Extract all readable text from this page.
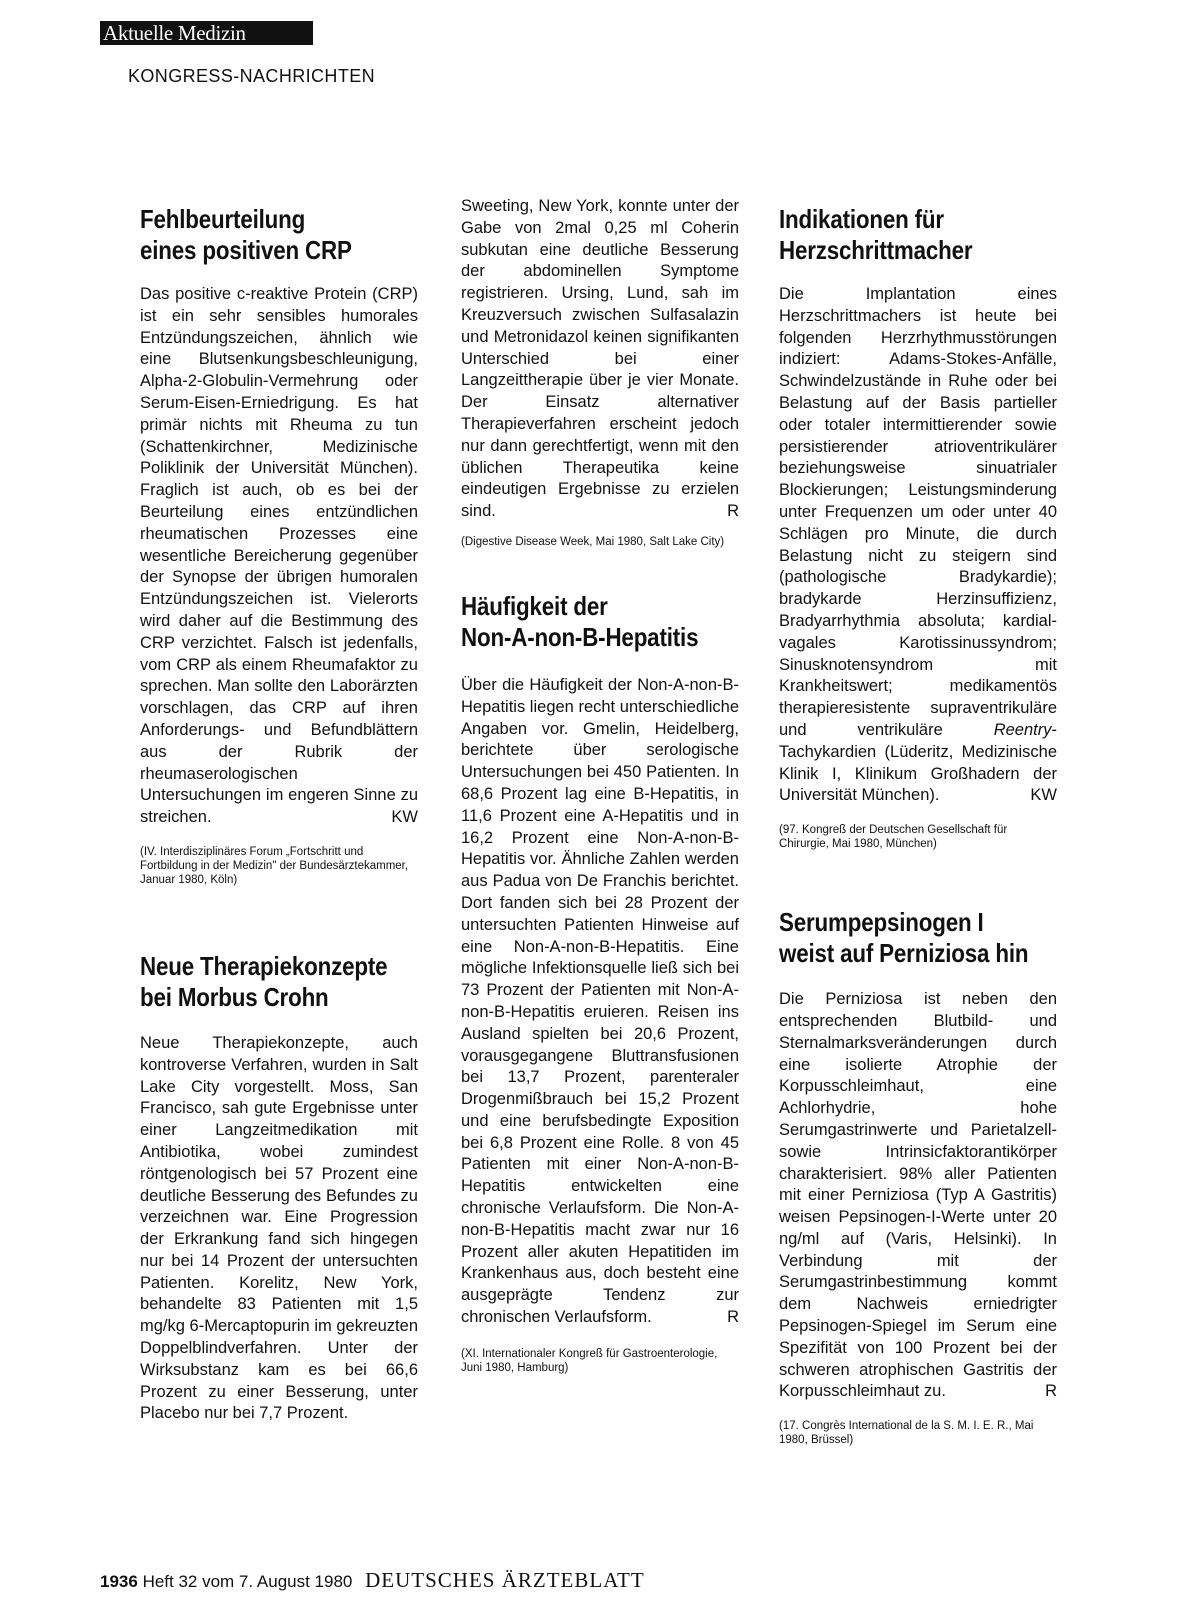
Aktuelle Medizin
KONGRESS-NACHRICHTEN
Fehlbeurteilung
eines positiven CRP

Das positive c-reaktive Protein (CRP) ist ein sehr sensibles humorales Entzündungszeichen, ähnlich wie eine Blutsenkungsbeschleunigung, Alpha-2-Globulin-Vermehrung oder Serum-Eisen-Erniedrigung. Es hat primär nichts mit Rheuma zu tun (Schattenkirchner, Medizinische Poliklinik der Universität München). Fraglich ist auch, ob es bei der Beurteilung eines entzündlichen rheumatischen Prozesses eine wesentliche Bereicherung gegenüber der Synopse der übrigen humoralen Entzündungszeichen ist. Vielerorts wird daher auf die Bestimmung des CRP verzichtet. Falsch ist jedenfalls, vom CRP als einem Rheumafaktor zu sprechen. Man sollte den Laborärzten vorschlagen, das CRP auf ihren Anforderungs- und Befundblättern aus der Rubrik der rheumaserologischen Untersuchungen im engeren Sinne zu streichen.	KW

(IV. Interdisziplinäres Forum „Fortschritt und Fortbildung in der Medizin" der Bundesärztekammer, Januar 1980, Köln)

Neue Therapiekonzepte
bei Morbus Crohn

Neue Therapiekonzepte, auch kontroverse Verfahren, wurden in Salt Lake City vorgestellt. Moss, San Francisco, sah gute Ergebnisse unter einer Langzeitmedikation mit Antibiotika, wobei zumindest röntgenologisch bei 57 Prozent eine deutliche Besserung des Befundes zu verzeichnen war. Eine Progression der Erkrankung fand sich hingegen nur bei 14 Prozent der untersuchten Patienten. Korelitz, New York, behandelte 83 Patienten mit 1,5 mg/kg 6-Mercaptopurin im gekreuzten Doppelblindverfahren. Unter der Wirksubstanz kam es bei 66,6 Prozent zu einer Besserung, unter Placebo nur bei 7,7 Prozent.

Sweeting, New York, konnte unter der Gabe von 2mal 0,25 ml Coherin subkutan eine deutliche Besserung der abdominellen Symptome registrieren. Ursing, Lund, sah im Kreuzversuch zwischen Sulfasalazin und Metronidazol keinen signifikanten Unterschied bei einer Langzeittherapie über je vier Monate. Der Einsatz alternativer Therapieverfahren erscheint jedoch nur dann gerechtfertigt, wenn mit den üblichen Therapeutika keine eindeutigen Ergebnisse zu erzielen sind.	R

(Digestive Disease Week, Mai 1980, Salt Lake City)

Häufigkeit der
Non-A-non-B-Hepatitis

Über die Häufigkeit der Non-A-non-B-Hepatitis liegen recht unterschiedliche Angaben vor. Gmelin, Heidelberg, berichtete über serologische Untersuchungen bei 450 Patienten. In 68,6 Prozent lag eine B-Hepatitis, in 11,6 Prozent eine A-Hepatitis und in 16,2 Prozent eine Non-A-non-B-Hepatitis vor. Ähnliche Zahlen werden aus Padua von De Franchis berichtet. Dort fanden sich bei 28 Prozent der untersuchten Patienten Hinweise auf eine Non-A-non-B-Hepatitis. Eine mögliche Infektionsquelle ließ sich bei 73 Prozent der Patienten mit Non-A-non-B-Hepatitis eruieren. Reisen ins Ausland spielten bei 20,6 Prozent, vorausgegangene Bluttransfusionen bei 13,7 Prozent, parenteraler Drogenmißbrauch bei 15,2 Prozent und eine berufsbedingte Exposition bei 6,8 Prozent eine Rolle. 8 von 45 Patienten mit einer Non-A-non-B-Hepatitis entwickelten eine chronische Verlaufsform. Die Non-A-non-B-Hepatitis macht zwar nur 16 Prozent aller akuten Hepatitiden im Krankenhaus aus, doch besteht eine ausgeprägte Tendenz zur chronischen Verlaufsform.	R

(XI. Internationaler Kongreß für Gastroenterologie, Juni 1980, Hamburg)

Indikationen für
Herzschrittmacher

Die Implantation eines Herzschrittmachers ist heute bei folgenden Herzrhythmusstörungen indiziert: Adams-Stokes-Anfälle, Schwindelzustände in Ruhe oder bei Belastung auf der Basis partieller oder totaler intermittierender sowie persistierender atrioventrikulärer beziehungsweise sinuatrialer Blockierungen; Leistungsminderung unter Frequenzen um oder unter 40 Schlägen pro Minute, die durch Belastung nicht zu steigern sind (pathologische Bradykardie); bradykarde Herzinsuffizienz, Bradyarrhythmia absoluta; kardial-vagales Karotissinussyndrom; Sinusknotensyndrom mit Krankheitswert; medikamentös therapieresistente supraventrikuläre und ventrikuläre Reentry-Tachykardien (Lüderitz, Medizinische Klinik I, Klinikum Großhadern der Universität München).	KW

(97. Kongreß der Deutschen Gesellschaft für Chirurgie, Mai 1980, München)

Serumpepsinogen I
weist auf Perniziosa hin

Die Perniziosa ist neben den entsprechenden Blutbild- und Sternalmarksveränderungen durch eine isolierte Atrophie der Korpusschleimhaut, eine Achlorhydrie, hohe Serumgastrinwerte und Parietalzell- sowie Intrinsicfaktorantikörper charakterisiert. 98% aller Patienten mit einer Perniziosa (Typ A Gastritis) weisen Pepsinogen-I-Werte unter 20 ng/ml auf (Varis, Helsinki). In Verbindung mit der Serumgastrinbestimmung kommt dem Nachweis erniedrigter Pepsinogen-Spiegel im Serum eine Spezifität von 100 Prozent bei der schweren atrophischen Gastritis der Korpusschleimhaut zu.	R

(17. Congrès International de la S. M. I. E. R., Mai 1980, Brüssel)

1936 Heft 32 vom 7. August 1980 DEUTSCHES ÄRZTEBLATT
